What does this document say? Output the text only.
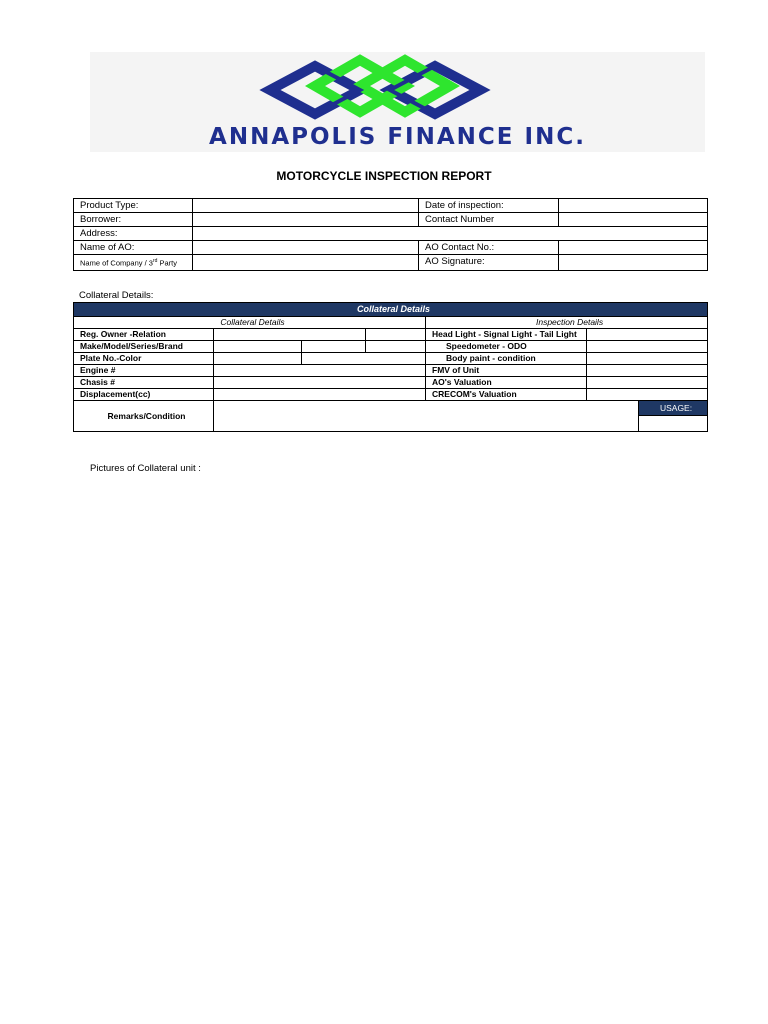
ANNAPOLIS FINANCE INC.
MOTORCYCLE INSPECTION REPORT
Product Type:		Date of inspection:	
Borrower:		Contact Number	
Address:			
Name of AO:		AO Contact No.:	
Name of Company / 3rd Party		AO Signature:	
Collateral Details:
Collateral Details						
Collateral Details				Inspection Details		
Reg. Owner -Relation				Head Light - Signal Light - Tail Light		
Make/Model/Series/Brand				Speedometer - ODO		
Plate No.-Color				Body paint - condition		
Engine #				FMV of Unit		
Chasis #				AO's Valuation		
Displacement(cc)				CRECOM's Valuation		
Remarks/Condition						USAGE:

Pictures of Collateral unit :
